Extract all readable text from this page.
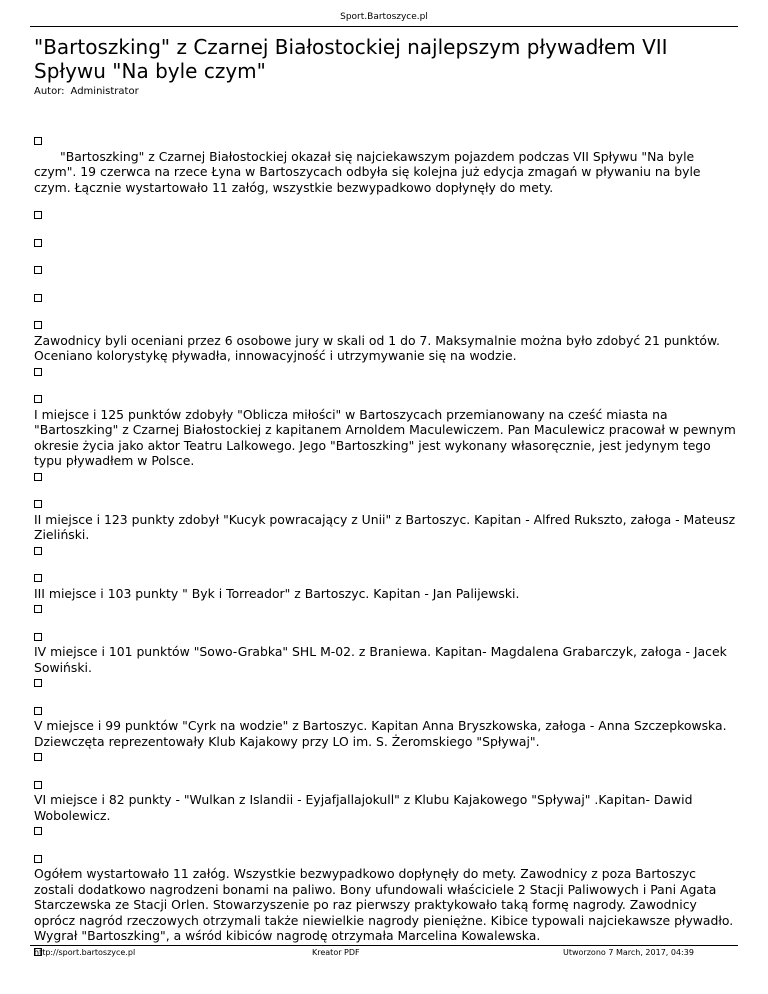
Sport.Bartoszyce.pl
"Bartoszking" z Czarnej Białostockiej najlepszym pływadłem VII Spływu "Na byle czym"
Autor: Administrator

"Bartoszking" z Czarnej Białostockiej okazał się najciekawszym pojazdem podczas VII Spływu "Na byle czym". 19 czerwca na rzece Łyna w Bartoszycach odbyła się kolejna już edycja zmagań w pływaniu na byle czym. Łącznie wystartowało 11 załóg, wszystkie bezwypadkowo dopłynęły do mety.

Zawodnicy byli oceniani przez 6 osobowe jury w skali od 1 do 7. Maksymalnie można było zdobyć 21 punktów. Oceniano kolorystykę pływadła, innowacyjność i utrzymywanie się na wodzie.

I miejsce i 125 punktów zdobyły "Oblicza miłości" w Bartoszycach przemianowany na cześć miasta na "Bartoszking" z Czarnej Białostockiej z kapitanem Arnoldem Maculewiczem. Pan Maculewicz pracował w pewnym okresie życia jako aktor Teatru Lalkowego. Jego "Bartoszking" jest wykonany własoręcznie, jest jedynym tego typu pływadłem w Polsce.

II miejsce i 123 punkty zdobył "Kucyk powracający z Unii" z Bartoszyc. Kapitan - Alfred Rukszto, załoga - Mateusz Zieliński.

III miejsce i 103 punkty " Byk i Torreador" z Bartoszyc. Kapitan - Jan Palijewski.

IV miejsce i 101 punktów "Sowo-Grabka" SHL M-02. z Braniewa. Kapitan- Magdalena Grabarczyk, załoga - Jacek Sowiński.

V miejsce i 99 punktów "Cyrk na wodzie" z Bartoszyc. Kapitan Anna Bryszkowska, załoga - Anna Szczepkowska. Dziewczęta reprezentowały Klub Kajakowy przy LO im. S. Żeromskiego "Spływaj".

VI miejsce i 82 punkty - "Wulkan z Islandii - Eyjafjallajokull" z Klubu Kajakowego "Spływaj" .Kapitan- Dawid Wobolewicz.

Ogółem wystartowało 11 załóg. Wszystkie bezwypadkowo dopłynęły do mety. Zawodnicy z poza Bartoszyc zostali dodatkowo nagrodzeni bonami na paliwo. Bony ufundowali właściciele 2 Stacji Paliwowych i Pani Agata Starczewska ze Stacji Orlen. Stowarzyszenie po raz pierwszy praktykowało taką formę nagrody. Zawodnicy oprócz nagród rzeczowych otrzymali także niewielkie nagrody pieniężne. Kibice typowali najciekawsze pływadło. Wygrał "Bartoszking", a wśród kibiców nagrodę otrzymała Marcelina Kowalewska.

http://sport.bartoszyce.pl	Kreator PDF	Utworzono 7 March, 2017, 04:39
